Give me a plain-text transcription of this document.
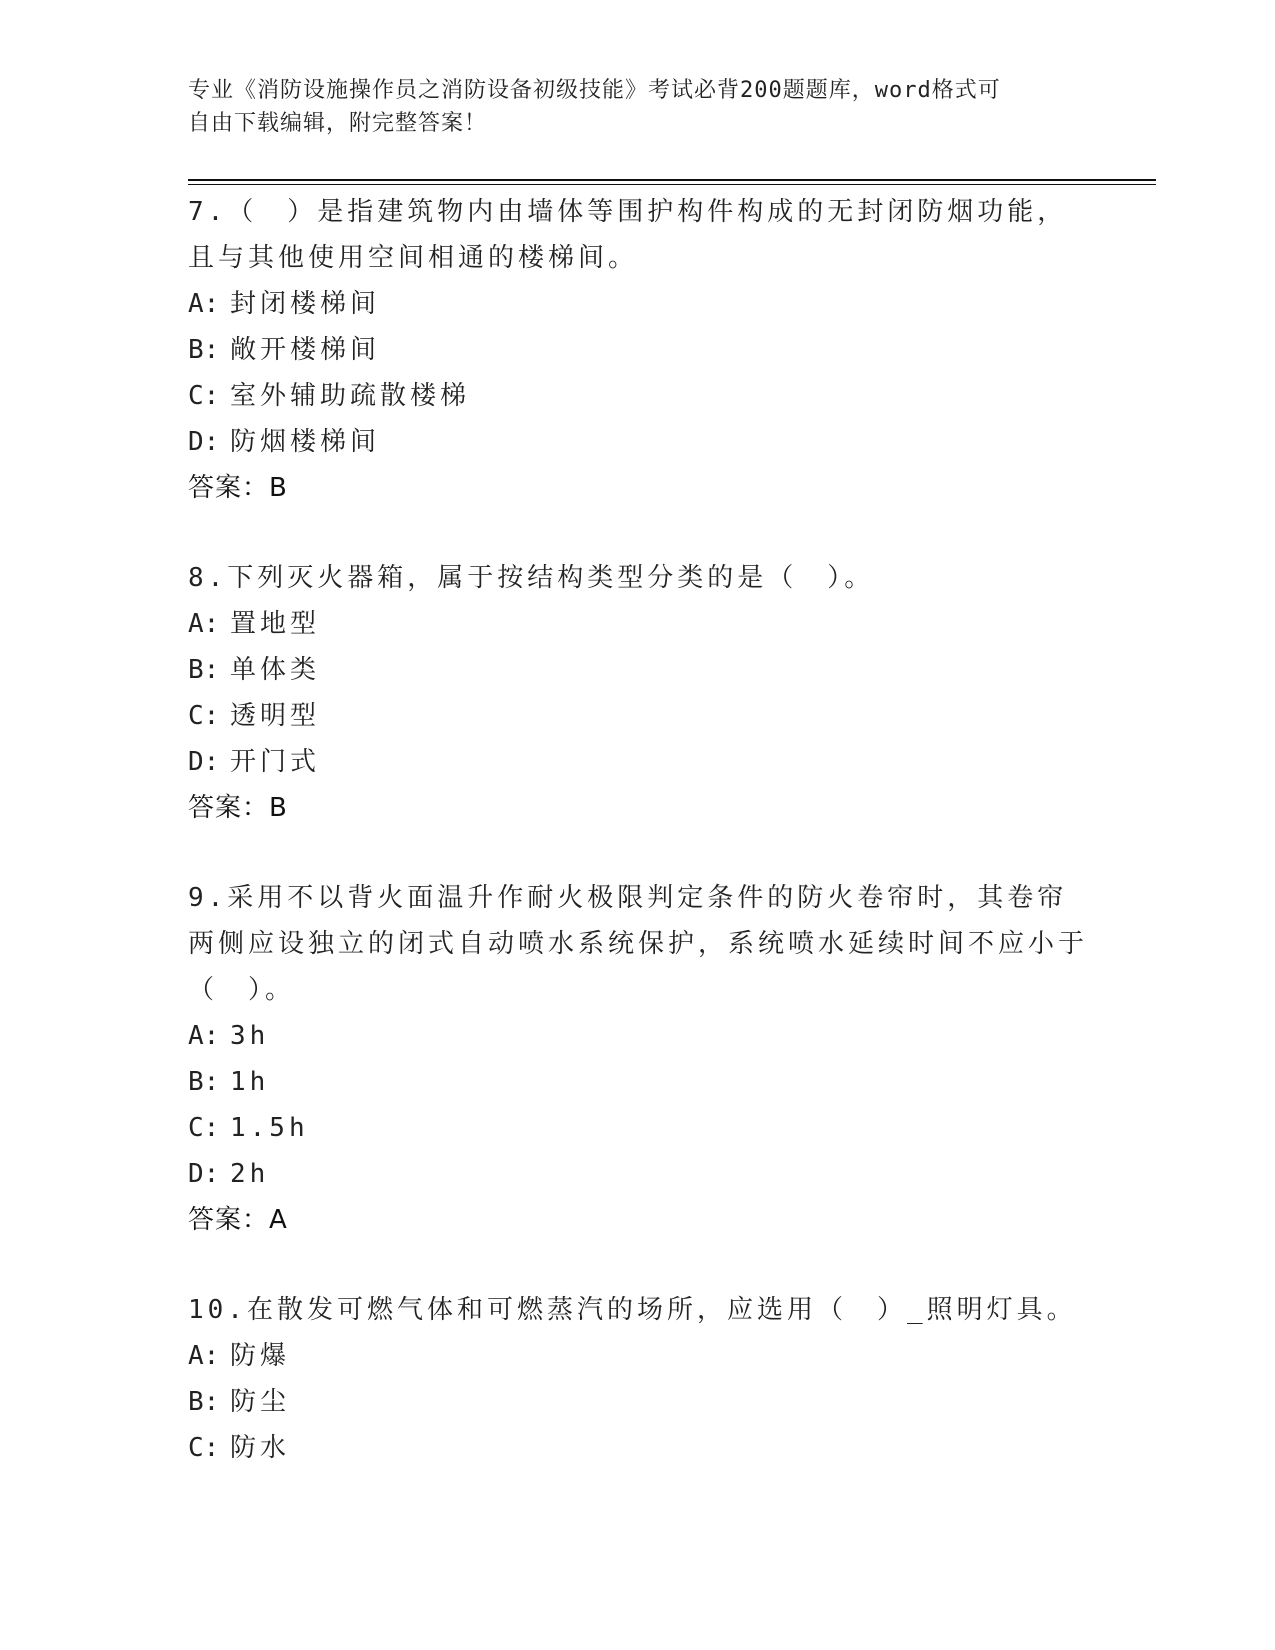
专业《消防设施操作员之消防设备初级技能》考试必背200题题库，word格式可
自由下载编辑，附完整答案！
7.（　）是指建筑物内由墙体等围护构件构成的无封闭防烟功能，且与其他使用空间相通的楼梯间。
A: 封闭楼梯间
B: 敞开楼梯间
C: 室外辅助疏散楼梯
D: 防烟楼梯间
答案：B
8.下列灭火器箱，属于按结构类型分类的是（　）。
A: 置地型
B: 单体类
C: 透明型
D: 开门式
答案：B
9.采用不以背火面温升作耐火极限判定条件的防火卷帘时，其卷帘两侧应设独立的闭式自动喷水系统保护，系统喷水延续时间不应小于（　）。
A: 3h
B: 1h
C: 1.5h
D: 2h
答案：A
10.在散发可燃气体和可燃蒸汽的场所，应选用（　）_照明灯具。
A: 防爆
B: 防尘
C: 防水
